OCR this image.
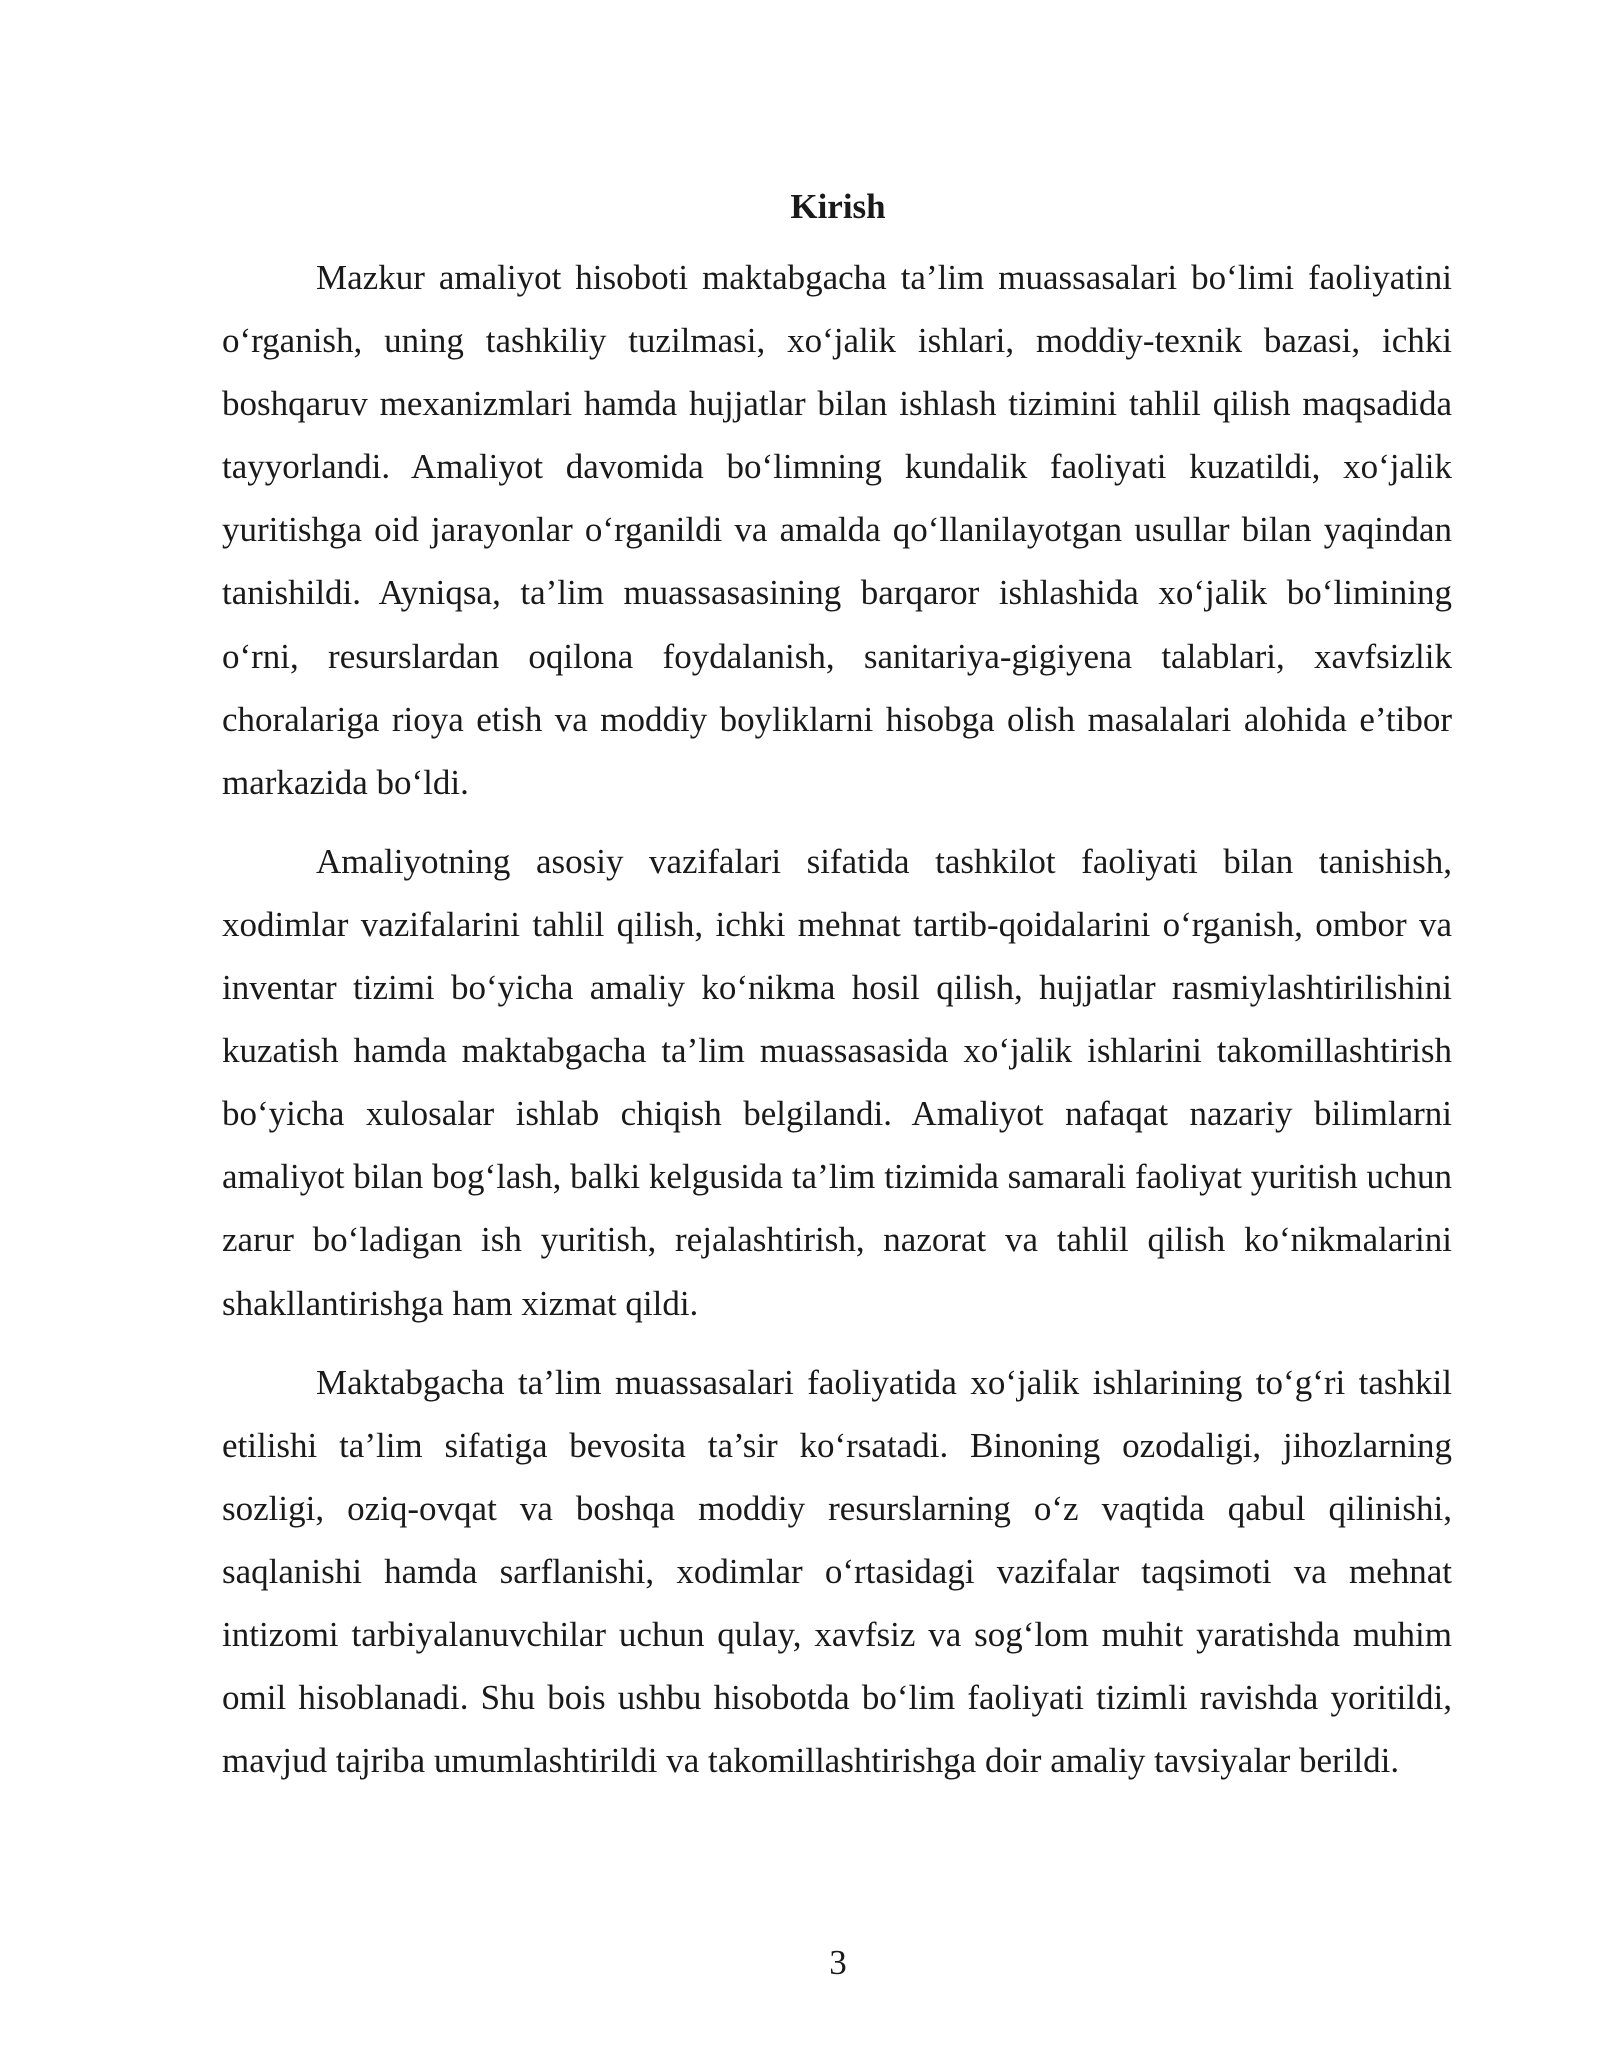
Kirish

Mazkur amaliyot hisoboti maktabgacha ta’lim muassasalari bo‘limi faoliyatini o‘rganish, uning tashkiliy tuzilmasi, xo‘jalik ishlari, moddiy-texnik bazasi, ichki boshqaruv mexanizmlari hamda hujjatlar bilan ishlash tizimini tahlil qilish maqsadida tayyorlandi. Amaliyot davomida bo‘limning kundalik faoliyati kuzatildi, xo‘jalik yuritishga oid jarayonlar o‘rganildi va amalda qo‘llanilayotgan usullar bilan yaqindan tanishildi. Ayniqsa, ta’lim muassasasining barqaror ishlashida xo‘jalik bo‘limining o‘rni, resurslardan oqilona foydalanish, sanitariya-gigiyena talablari, xavfsizlik choralariga rioya etish va moddiy boyliklarni hisobga olish masalalari alohida e’tibor markazida bo‘ldi.

Amaliyotning asosiy vazifalari sifatida tashkilot faoliyati bilan tanishish, xodimlar vazifalarini tahlil qilish, ichki mehnat tartib-qoidalarini o‘rganish, ombor va inventar tizimi bo‘yicha amaliy ko‘nikma hosil qilish, hujjatlar rasmiylashtirilishini kuzatish hamda maktabgacha ta’lim muassasasida xo‘jalik ishlarini takomillashtirish bo‘yicha xulosalar ishlab chiqish belgilandi. Amaliyot nafaqat nazariy bilimlarni amaliyot bilan bog‘lash, balki kelgusida ta’lim tizimida samarali faoliyat yuritish uchun zarur bo‘ladigan ish yuritish, rejalashtirish, nazorat va tahlil qilish ko‘nikmalarini shakllantirishga ham xizmat qildi.

Maktabgacha ta’lim muassasalari faoliyatida xo‘jalik ishlarining to‘g‘ri tashkil etilishi ta’lim sifatiga bevosita ta’sir ko‘rsatadi. Binoning ozodaligi, jihozlarning sozligi, oziq-ovqat va boshqa moddiy resurslarning o‘z vaqtida qabul qilinishi, saqlanishi hamda sarflanishi, xodimlar o‘rtasidagi vazifalar taqsimoti va mehnat intizomi tarbiyalanuvchilar uchun qulay, xavfsiz va sog‘lom muhit yaratishda muhim omil hisoblanadi. Shu bois ushbu hisobotda bo‘lim faoliyati tizimli ravishda yoritildi, mavjud tajriba umumlashtirildi va takomillashtirishga doir amaliy tavsiyalar berildi.

3
